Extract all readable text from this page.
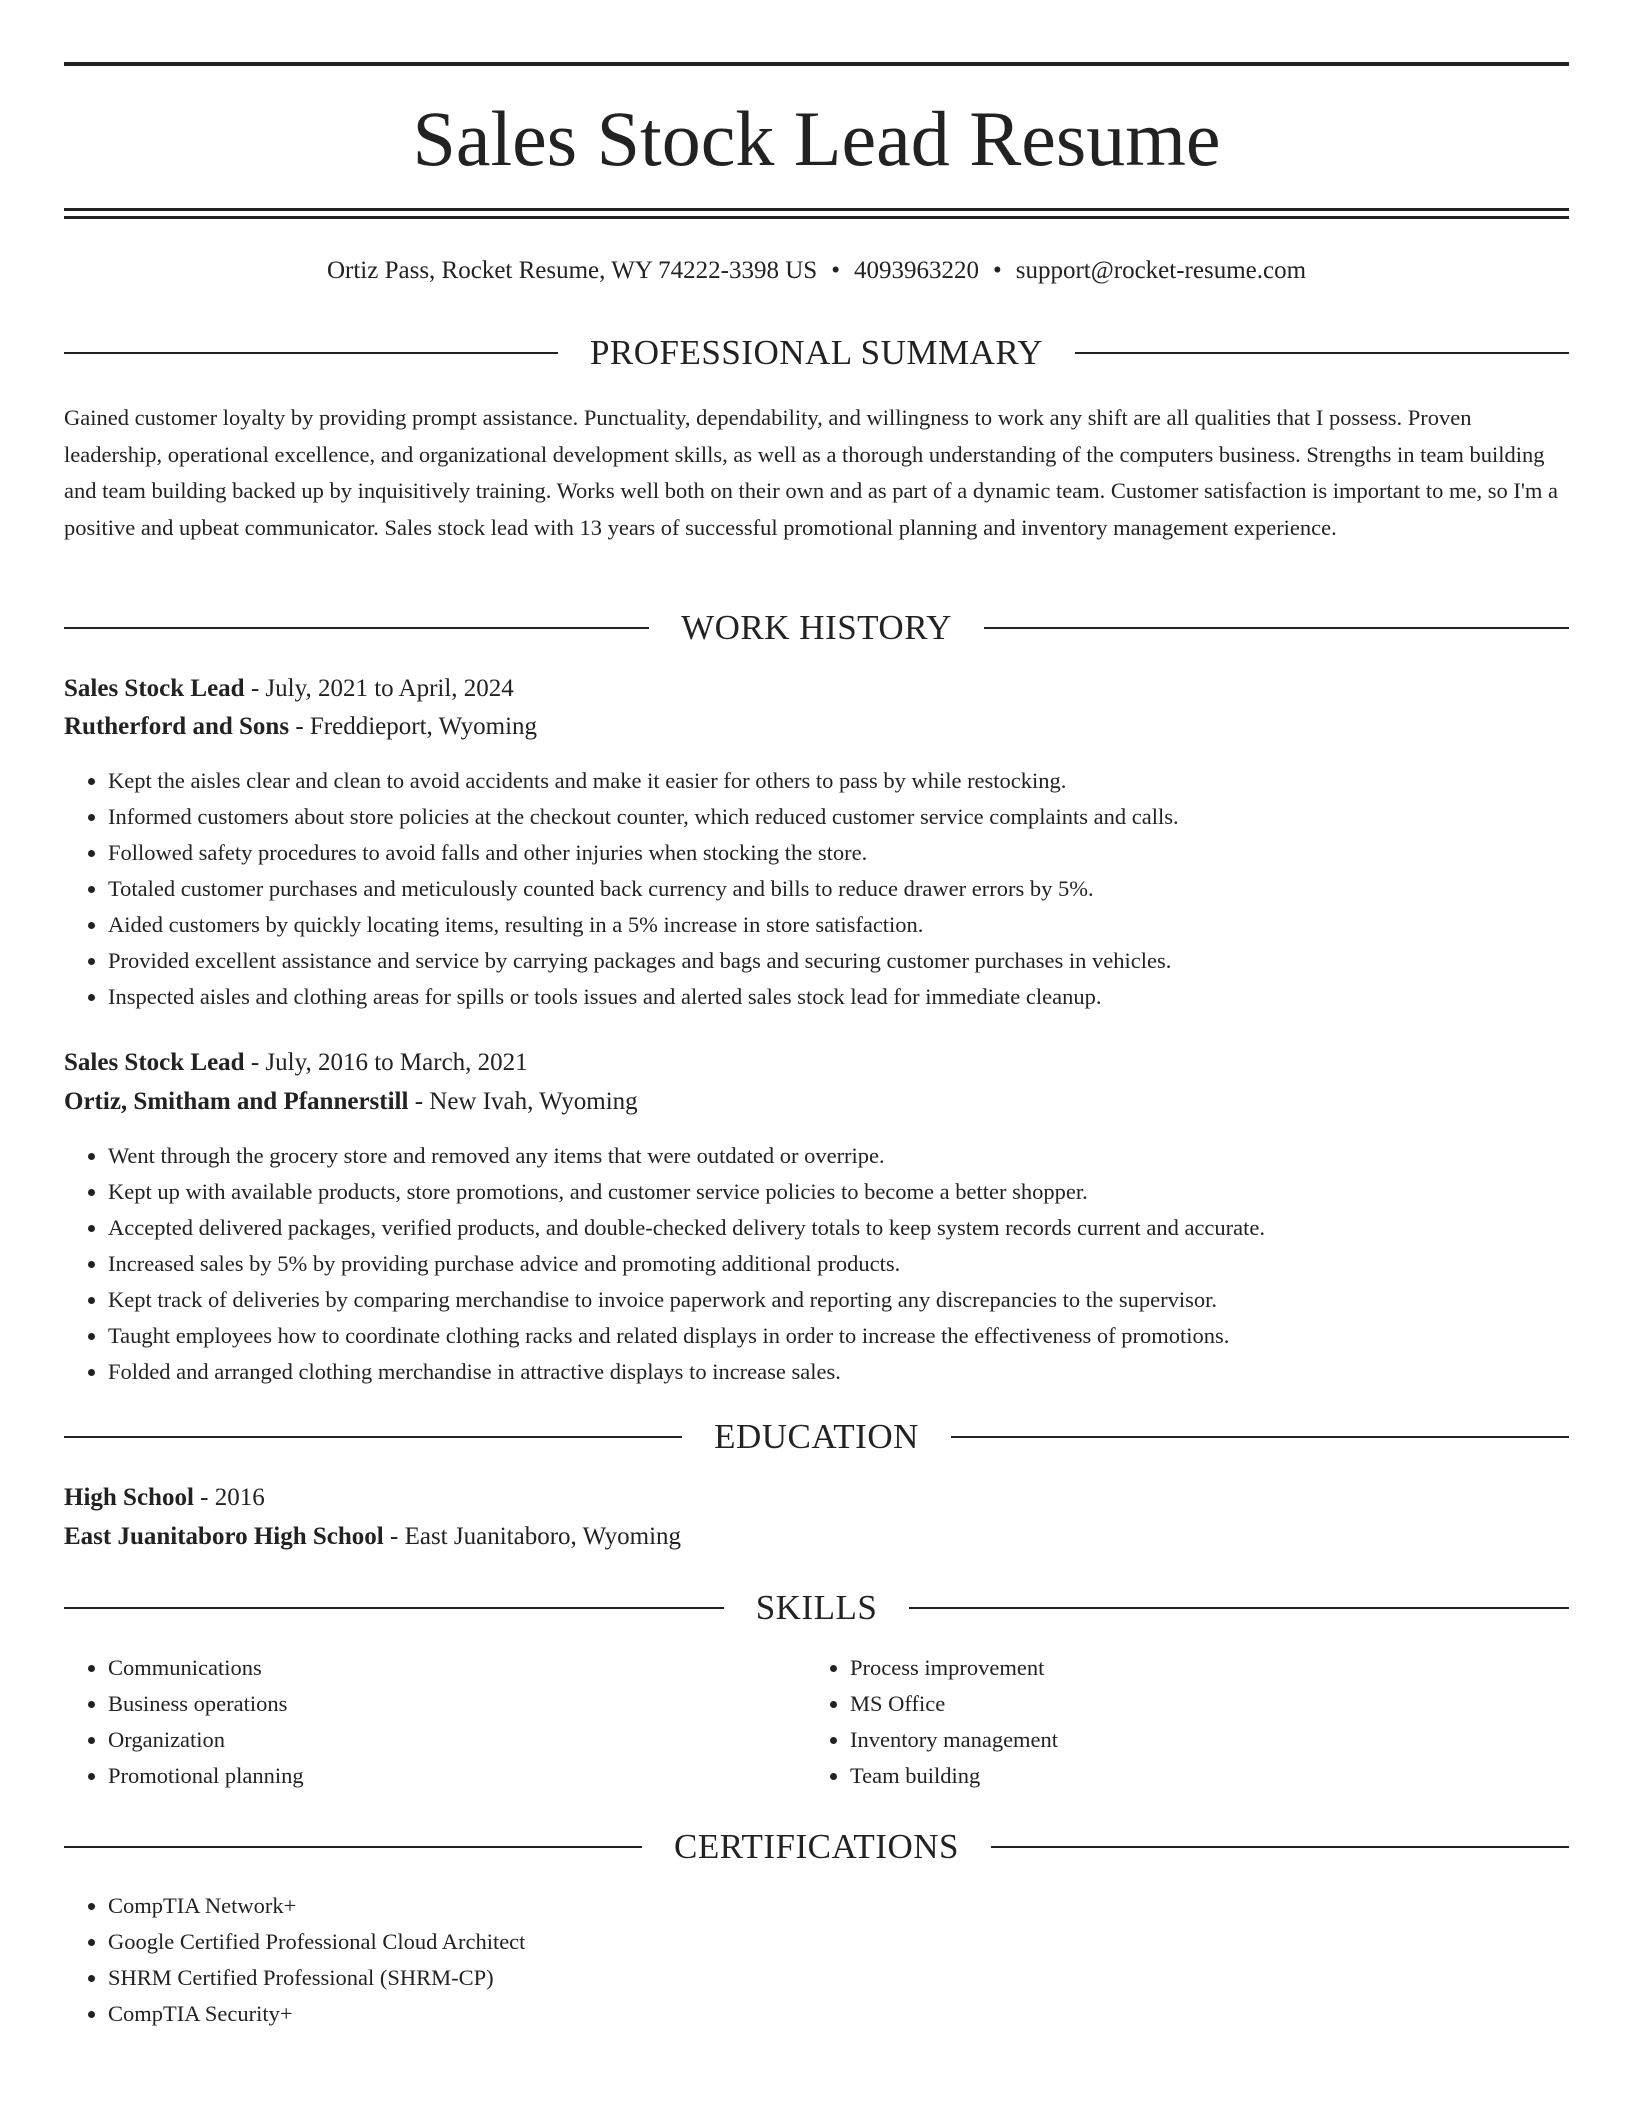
Sales Stock Lead Resume
Ortiz Pass, Rocket Resume, WY 74222-3398 US • 4093963220 • support@rocket-resume.com
PROFESSIONAL SUMMARY

Gained customer loyalty by providing prompt assistance. Punctuality, dependability, and willingness to work any shift are all qualities that I possess. Proven leadership, operational excellence, and organizational development skills, as well as a thorough understanding of the computers business. Strengths in team building and team building backed up by inquisitively training. Works well both on their own and as part of a dynamic team. Customer satisfaction is important to me, so I'm a positive and upbeat communicator. Sales stock lead with 13 years of successful promotional planning and inventory management experience.

WORK HISTORY
Sales Stock Lead - July, 2021 to April, 2024
Rutherford and Sons - Freddieport, Wyoming
• Kept the aisles clear and clean to avoid accidents and make it easier for others to pass by while restocking.
• Informed customers about store policies at the checkout counter, which reduced customer service complaints and calls.
• Followed safety procedures to avoid falls and other injuries when stocking the store.
• Totaled customer purchases and meticulously counted back currency and bills to reduce drawer errors by 5%.
• Aided customers by quickly locating items, resulting in a 5% increase in store satisfaction.
• Provided excellent assistance and service by carrying packages and bags and securing customer purchases in vehicles.
• Inspected aisles and clothing areas for spills or tools issues and alerted sales stock lead for immediate cleanup.
Sales Stock Lead - July, 2016 to March, 2021
Ortiz, Smitham and Pfannerstill - New Ivah, Wyoming
• Went through the grocery store and removed any items that were outdated or overripe.
• Kept up with available products, store promotions, and customer service policies to become a better shopper.
• Accepted delivered packages, verified products, and double-checked delivery totals to keep system records current and accurate.
• Increased sales by 5% by providing purchase advice and promoting additional products.
• Kept track of deliveries by comparing merchandise to invoice paperwork and reporting any discrepancies to the supervisor.
• Taught employees how to coordinate clothing racks and related displays in order to increase the effectiveness of promotions.
• Folded and arranged clothing merchandise in attractive displays to increase sales.
EDUCATION
High School - 2016
East Juanitaboro High School - East Juanitaboro, Wyoming
SKILLS
• Communications
• Business operations
• Organization
• Promotional planning
• Process improvement
• MS Office
• Inventory management
• Team building
CERTIFICATIONS
• CompTIA Network+
• Google Certified Professional Cloud Architect
• SHRM Certified Professional (SHRM-CP)
• CompTIA Security+
